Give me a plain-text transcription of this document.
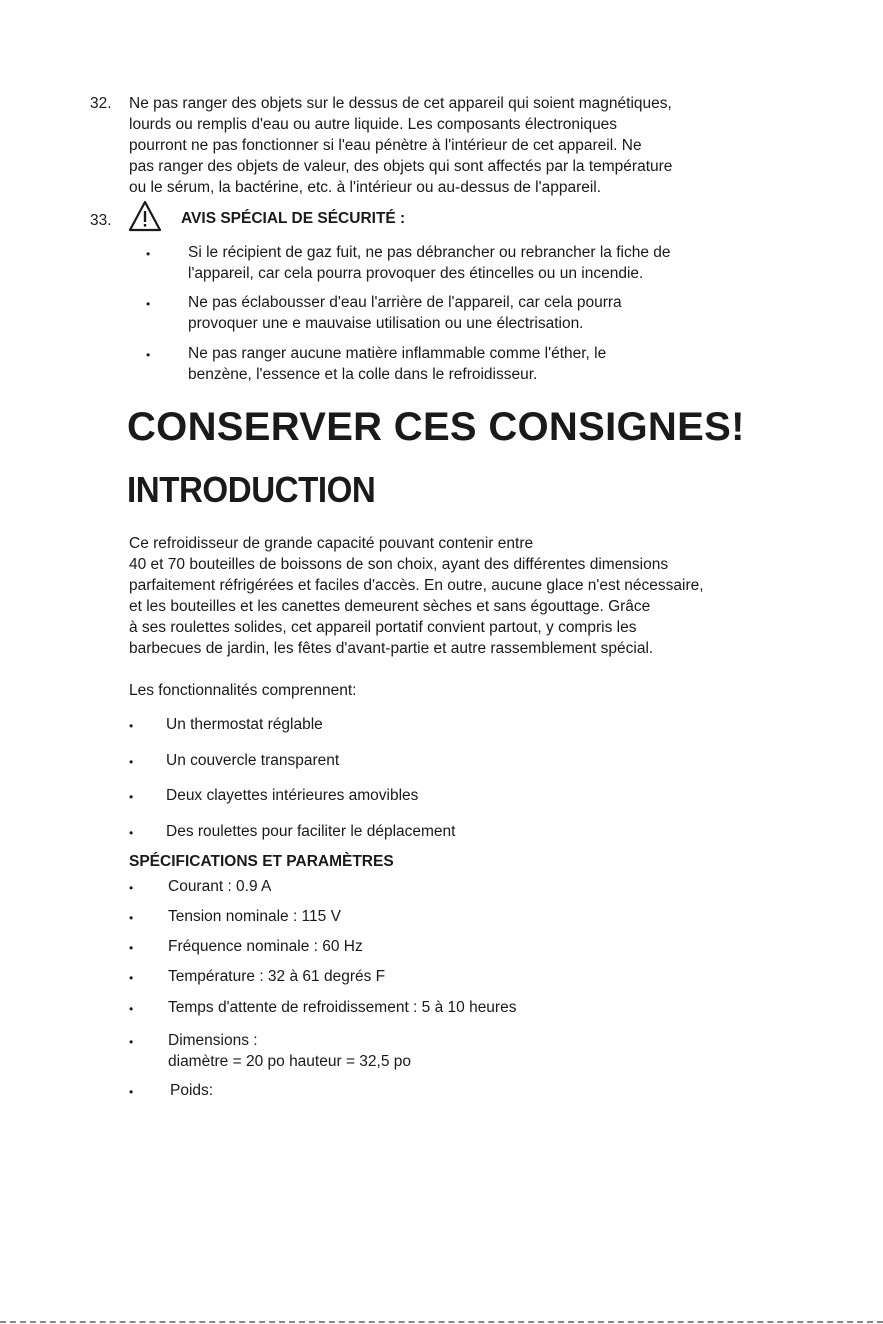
32. Ne pas ranger des objets sur le dessus de cet appareil qui soient magnétiques,
lourds ou remplis d'eau ou autre liquide. Les composants électroniques
pourront ne pas fonctionner si l'eau pénètre à l'intérieur de cet appareil. Ne
pas ranger des objets de valeur, des objets qui sont affectés par la température
ou le sérum, la bactérine, etc. à l'intérieur ou au-dessus de l'appareil.
33.	AVIS SPÉCIAL DE SÉCURITÉ :
• Si le récipient de gaz fuit, ne pas débrancher ou rebrancher la fiche de
l'appareil, car cela pourra provoquer des étincelles ou un incendie.
• Ne pas éclabousser d'eau l'arrière de l'appareil, car cela pourra
provoquer une e mauvaise utilisation ou une électrisation.
• Ne pas ranger aucune matière inflammable comme l'éther, le
benzène, l'essence et la colle dans le refroidisseur.
CONSERVER CES CONSIGNES!
INTRODUCTION
Ce refroidisseur de grande capacité pouvant contenir entre
40 et 70 bouteilles de boissons de son choix, ayant des différentes dimensions
parfaitement réfrigérées et faciles d'accès. En outre, aucune glace n'est nécessaire,
et les bouteilles et les canettes demeurent sèches et sans égouttage. Grâce
à ses roulettes solides, cet appareil portatif convient partout, y compris les
barbecues de jardin, les fêtes d'avant-partie et autre rassemblement spécial.
Les fonctionnalités comprennent:
• Un thermostat réglable
• Un couvercle transparent
• Deux clayettes intérieures amovibles
• Des roulettes pour faciliter le déplacement
SPÉCIFICATIONS ET PARAMÈTRES
• Courant : 0.9 A
• Tension nominale : 115 V
• Fréquence nominale : 60 Hz
• Température : 32 à 61 degrés F
• Temps d'attente de refroidissement : 5 à 10 heures
• Dimensions :
diamètre = 20 po hauteur = 32,5 po
• Poids:
